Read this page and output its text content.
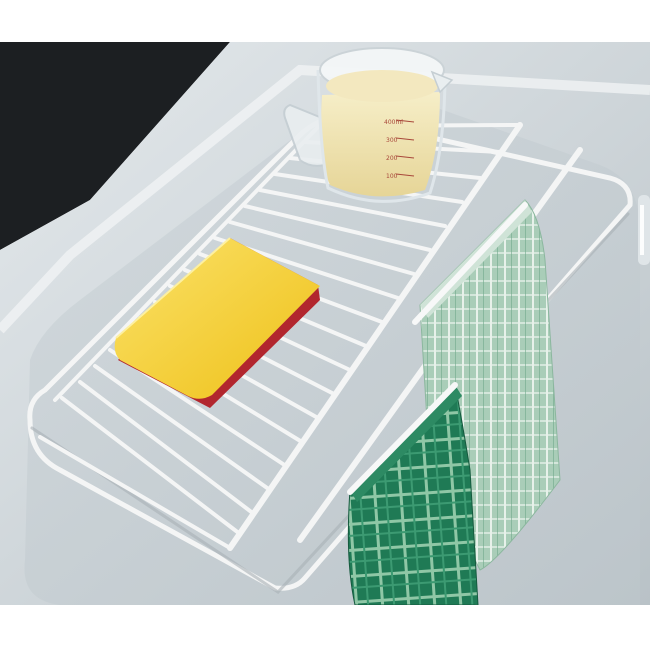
400ml
300
200
100
